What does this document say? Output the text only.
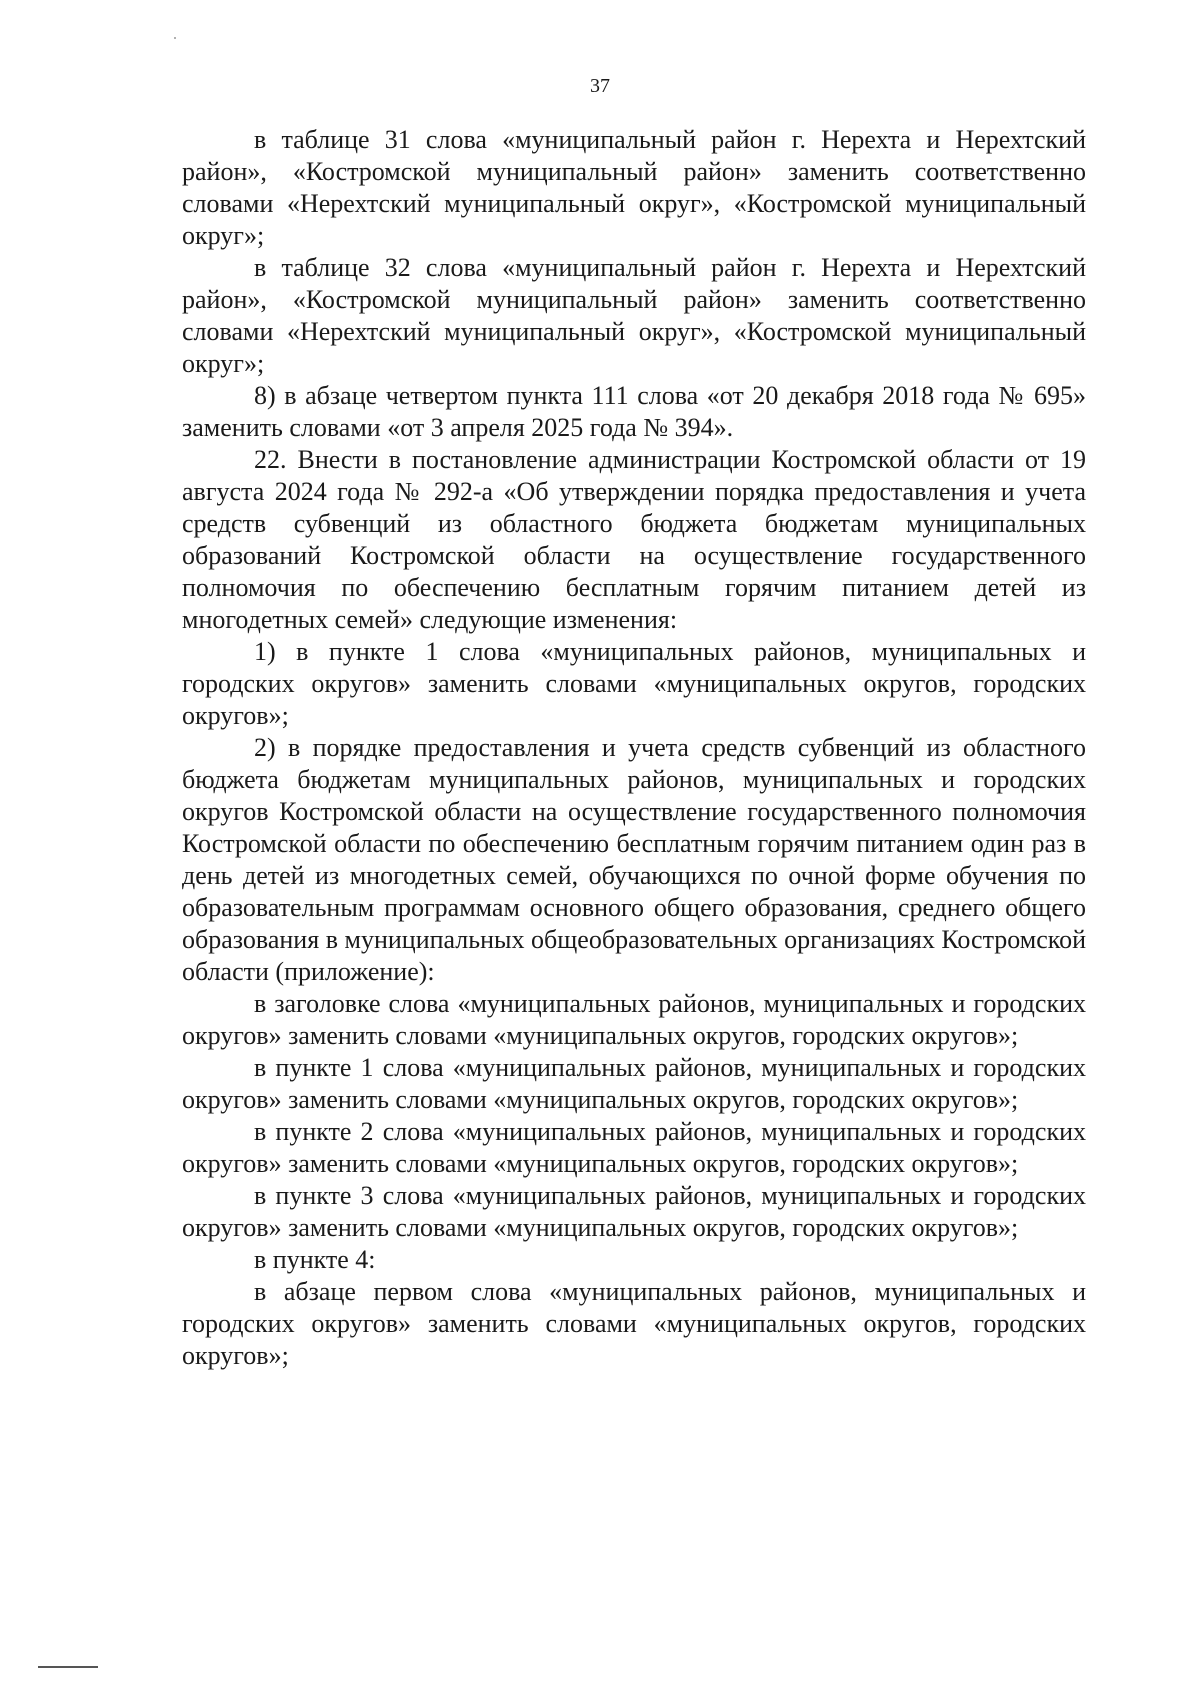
37

в таблице 31 слова «муниципальный район г. Нерехта и Нерехтский район», «Костромской муниципальный район» заменить соответственно словами «Нерехтский муниципальный округ», «Костромской муниципальный округ»;

в таблице 32 слова «муниципальный район г. Нерехта и Нерехтский район», «Костромской муниципальный район» заменить соответственно словами «Нерехтский муниципальный округ», «Костромской муниципальный округ»;

8) в абзаце четвертом пункта 111 слова «от 20 декабря 2018 года № 695» заменить словами «от 3 апреля 2025 года № 394».

22. Внести в постановление администрации Костромской области от 19 августа 2024 года № 292-а «Об утверждении порядка предоставления и учета средств субвенций из областного бюджета бюджетам муниципальных образований Костромской области на осуществление государственного полномочия по обеспечению бесплатным горячим питанием детей из многодетных семей» следующие изменения:

1) в пункте 1 слова «муниципальных районов, муниципальных и городских округов» заменить словами «муниципальных округов, городских округов»;

2) в порядке предоставления и учета средств субвенций из областного бюджета бюджетам муниципальных районов, муниципальных и городских округов Костромской области на осуществление государственного полномочия Костромской области по обеспечению бесплатным горячим питанием один раз в день детей из многодетных семей, обучающихся по очной форме обучения по образовательным программам основного общего образования, среднего общего образования в муниципальных общеобразовательных организациях Костромской области (приложение):

в заголовке слова «муниципальных районов, муниципальных и городских округов» заменить словами «муниципальных округов, городских округов»;

в пункте 1 слова «муниципальных районов, муниципальных и городских округов» заменить словами «муниципальных округов, городских округов»;

в пункте 2 слова «муниципальных районов, муниципальных и городских округов» заменить словами «муниципальных округов, городских округов»;

в пункте 3 слова «муниципальных районов, муниципальных и городских округов» заменить словами «муниципальных округов, городских округов»;

в пункте 4:

в абзаце первом слова «муниципальных районов, муниципальных и городских округов» заменить словами «муниципальных округов, городских округов»;
